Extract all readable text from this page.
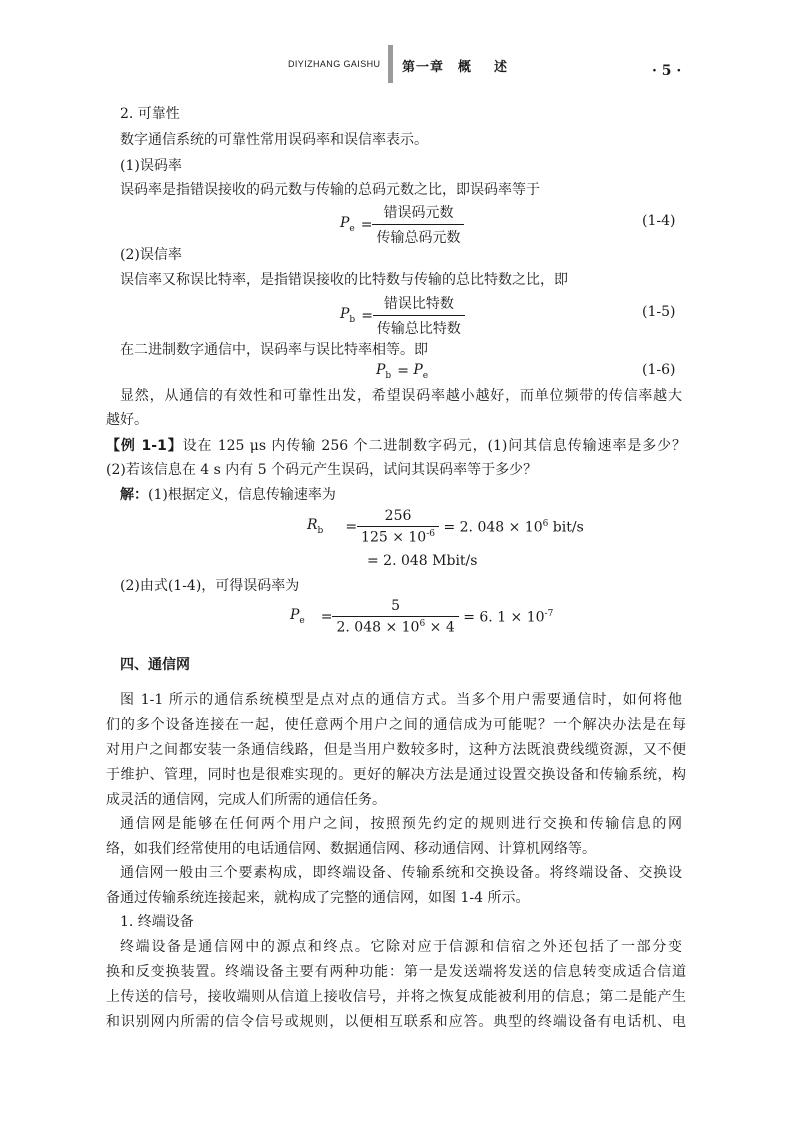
DIYIZHANG GAISHU 第一章 概 述	· 5 ·
2. 可靠性
数字通信系统的可靠性常用误码率和误信率表示。
(1)误码率
误码率是指错误接收的码元数与传输的总码元数之比，即误码率等于
$P_e = \frac{\text{错误码元数}}{\text{传输总码元数}}$	(1-4)
(2)误信率
误信率又称误比特率，是指错误接收的比特数与传输的总比特数之比，即
$P_b = \frac{\text{错误比特数}}{\text{传输总比特数}}$	(1-5)
在二进制数字通信中，误码率与误比特率相等。即
$P_b = P_e$	(1-6)
显然，从通信的有效性和可靠性出发，希望误码率越小越好，而单位频带的传信率越大
越好。
【例 1-1】设在 125 μs 内传输 256 个二进制数字码元，(1)问其信息传输速率是多少？
(2)若该信息在 4 s 内有 5 个码元产生误码，试问其误码率等于多少？
解：(1)根据定义，信息传输速率为
$R_b = \frac{256}{125 \times 10^{-6}} = 2$. $048 \times 10^6$ bit/s
= 2. 048 Mbit/s
(2)由式(1-4)，可得误码率为
$P_e = \frac{5}{2. 048 \times 10^6 \times 4} = 6$. $1 \times 10^{-7}$
四、通信网
图 1-1 所示的通信系统模型是点对点的通信方式。当多个用户需要通信时，如何将他
们的多个设备连接在一起，使任意两个用户之间的通信成为可能呢？一个解决办法是在每
对用户之间都安装一条通信线路，但是当用户数较多时，这种方法既浪费线缆资源，又不便
于维护、管理，同时也是很难实现的。更好的解决方法是通过设置交换设备和传输系统，构
成灵活的通信网，完成人们所需的通信任务。
通信网是能够在任何两个用户之间，按照预先约定的规则进行交换和传输信息的网
络，如我们经常使用的电话通信网、数据通信网、移动通信网、计算机网络等。
通信网一般由三个要素构成，即终端设备、传输系统和交换设备。将终端设备、交换设
备通过传输系统连接起来，就构成了完整的通信网，如图 1-4 所示。
1. 终端设备
终端设备是通信网中的源点和终点。它除对应于信源和信宿之外还包括了一部分变
换和反变换装置。终端设备主要有两种功能：第一是发送端将发送的信息转变成适合信道
上传送的信号，接收端则从信道上接收信号，并将之恢复成能被利用的信息；第二是能产生
和识别网内所需的信令信号或规则，以便相互联系和应答。典型的终端设备有电话机、电
